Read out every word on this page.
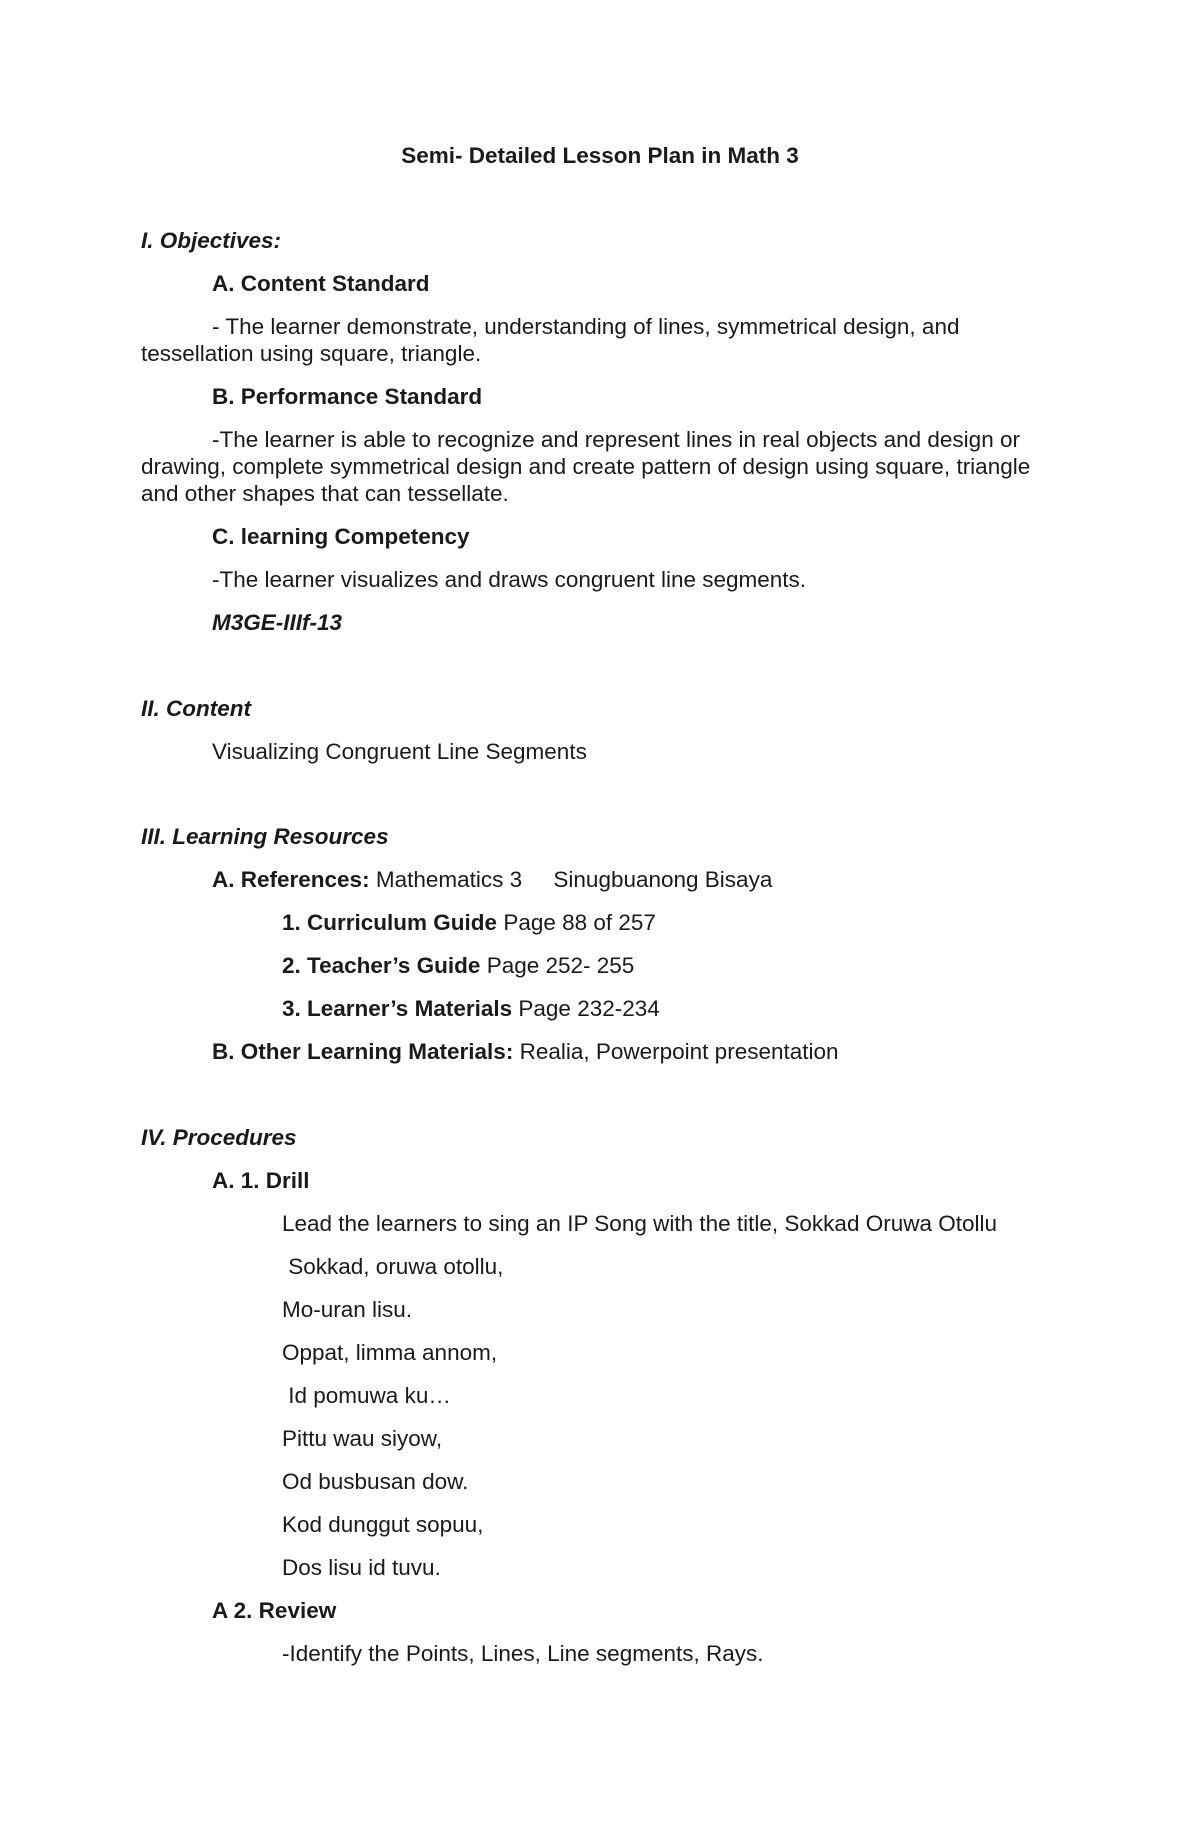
Semi- Detailed Lesson Plan in Math 3
I. Objectives:
A. Content Standard
- The learner demonstrate, understanding of lines, symmetrical design, and tessellation using square, triangle.
B. Performance Standard
-The learner is able to recognize and represent lines in real objects and design or drawing, complete symmetrical design and create pattern of design using square, triangle and other shapes that can tessellate.
C. learning Competency
-The learner visualizes and draws congruent line segments.
M3GE-IIIf-13
II. Content
Visualizing Congruent Line Segments
III. Learning Resources
A. References: Mathematics 3     Sinugbuanong Bisaya
1. Curriculum Guide Page 88 of 257
2. Teacher’s Guide Page 252- 255
3. Learner’s Materials Page 232-234
B. Other Learning Materials: Realia, Powerpoint presentation
IV. Procedures
A. 1. Drill
Lead the learners to sing an IP Song with the title, Sokkad Oruwa Otollu
Sokkad, oruwa otollu,
Mo-uran lisu.
Oppat, limma annom,
Id pomuwa ku…
Pittu wau siyow,
Od busbusan dow.
Kod dunggut sopuu,
Dos lisu id tuvu.
A 2. Review
-Identify the Points, Lines, Line segments, Rays.
